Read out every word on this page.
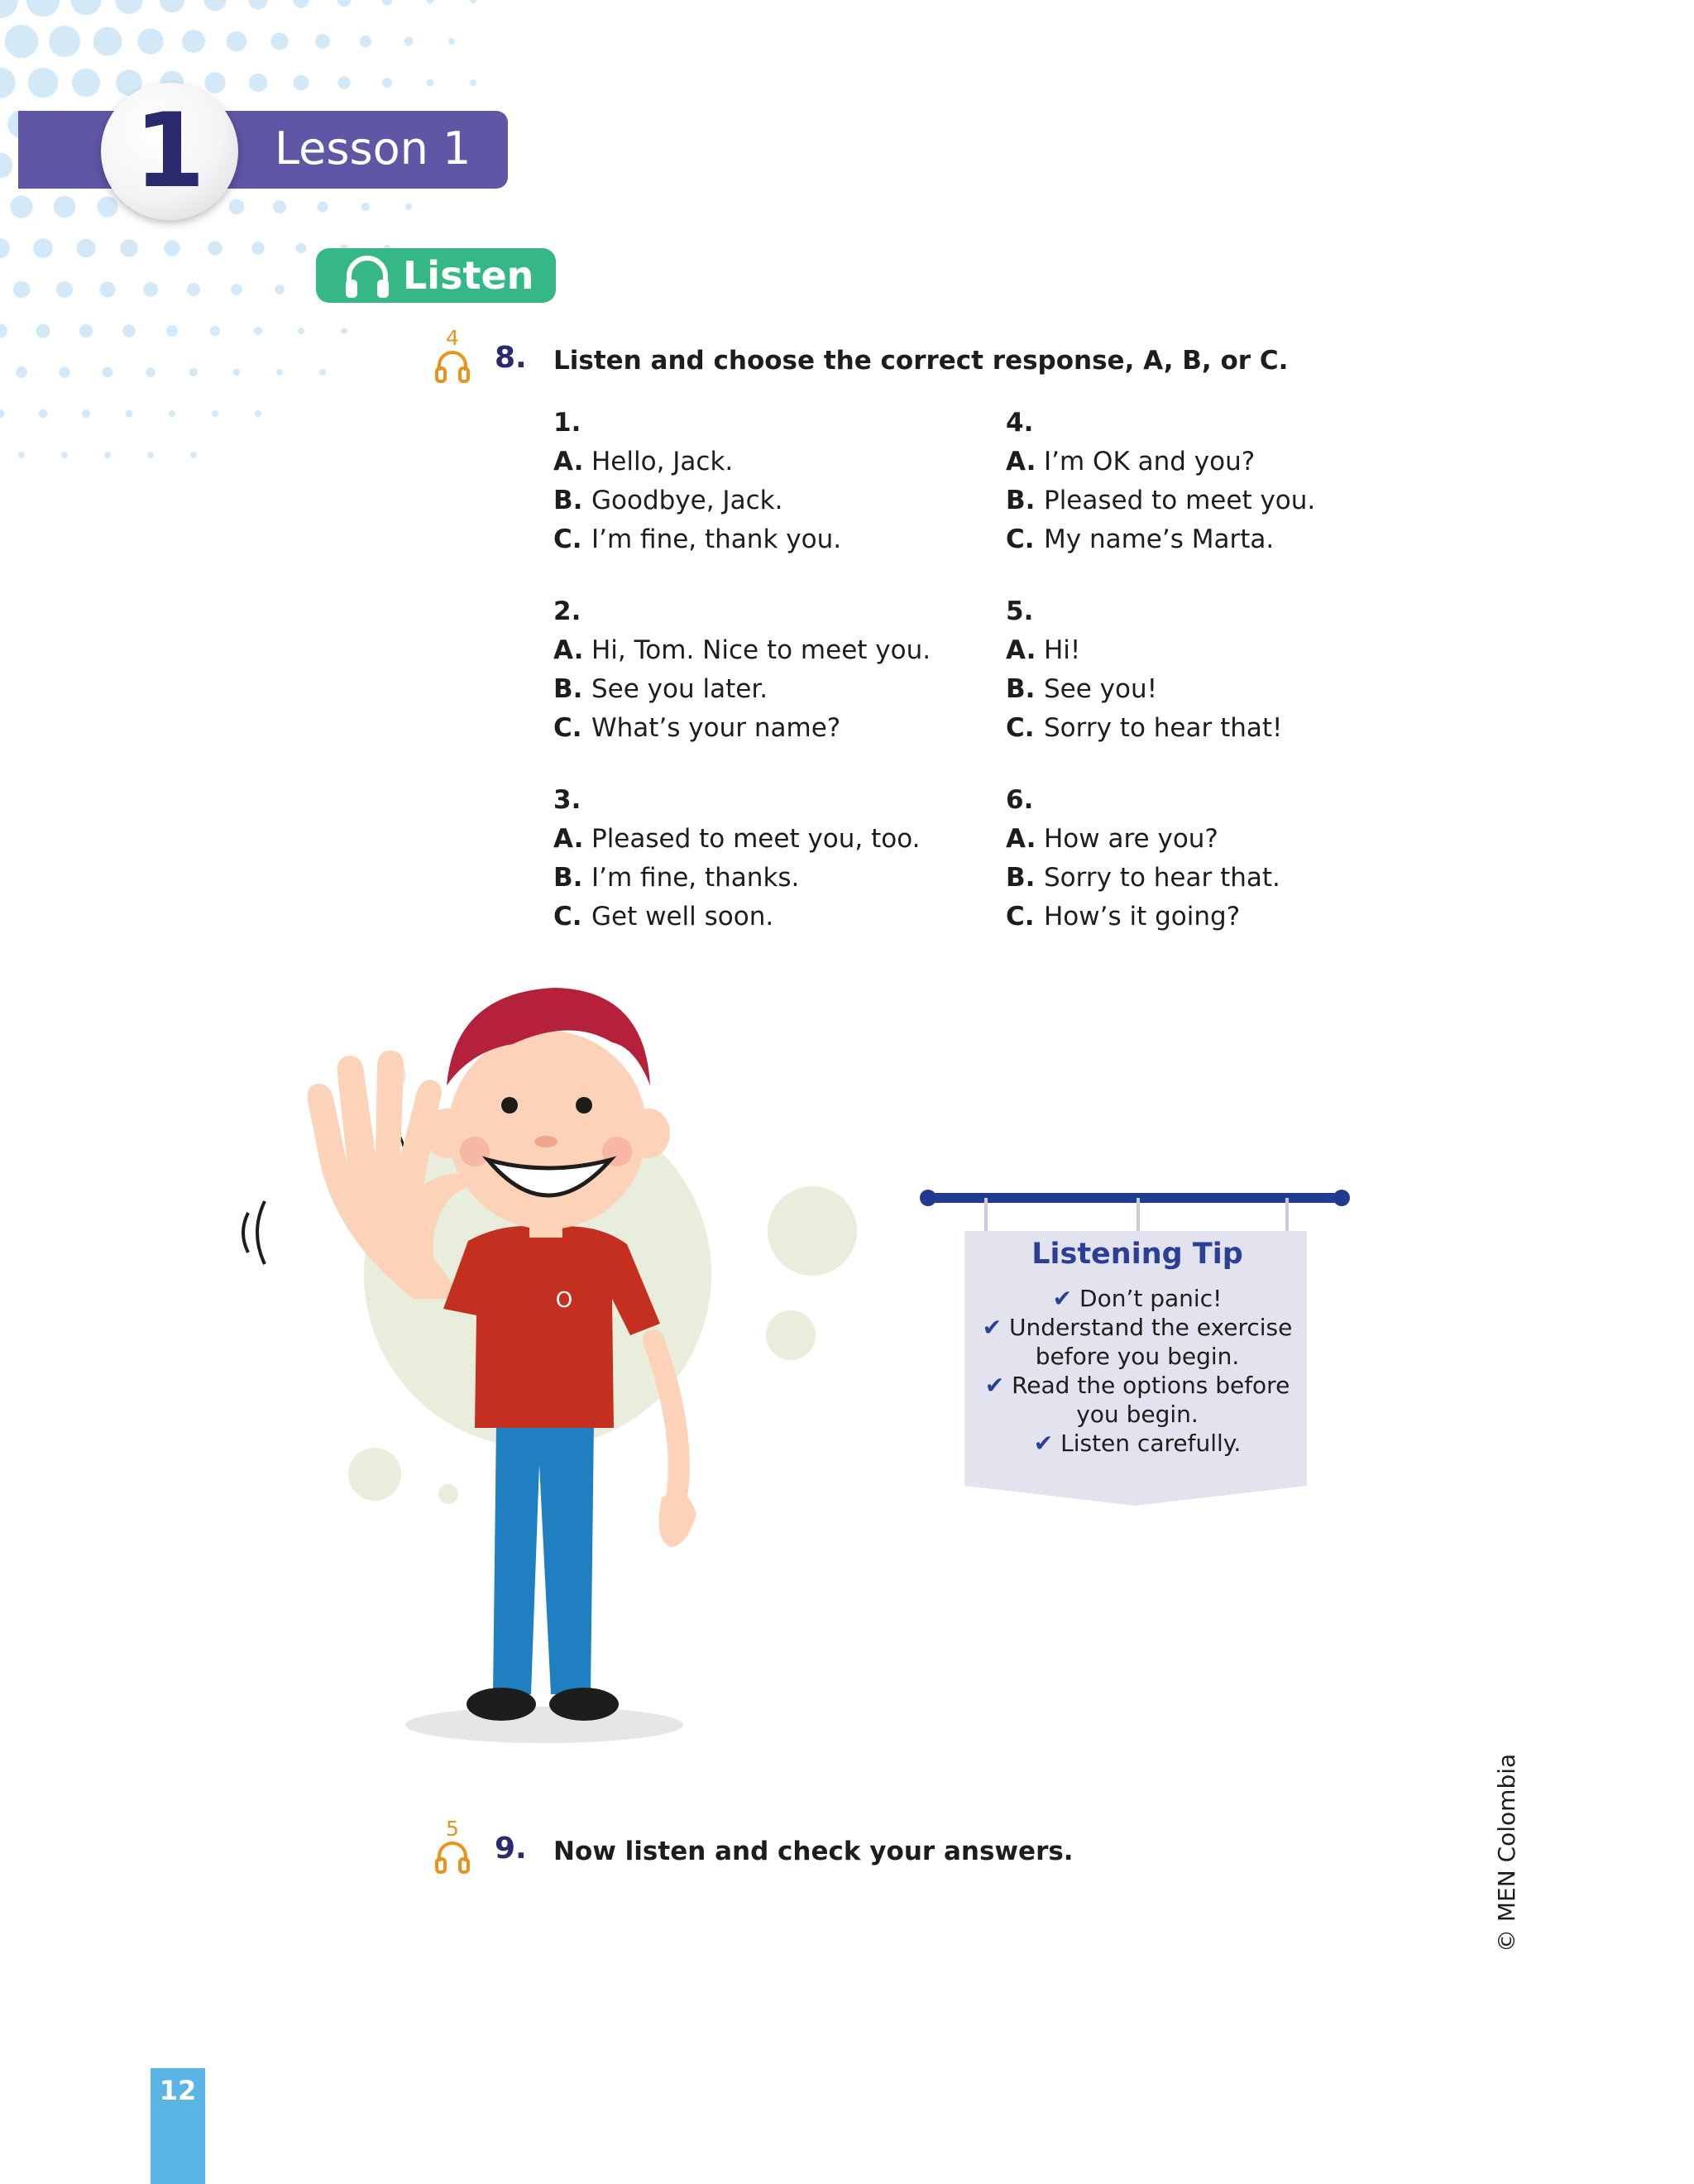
Lesson 1
1
Listen
4
8. Listen and choose the correct response, A, B, or C.
1.
A. Hello, Jack.
B. Goodbye, Jack.
C. I’m fine, thank you.
2.
A. Hi, Tom. Nice to meet you.
B. See you later.
C. What’s your name?
3.
A. Pleased to meet you, too.
B. I’m fine, thanks.
C. Get well soon.
4.
A. I’m OK and you?
B. Pleased to meet you.
C. My name’s Marta.
5.
A. Hi!
B. See you!
C. Sorry to hear that!
6.
A. How are you?
B. Sorry to hear that.
C. How’s it going?
O
Listening Tip
✔ Don’t panic!
✔ Understand the exercise
before you begin.
✔ Read the options before
you begin.
✔ Listen carefully.
5
9. Now listen and check your answers.
12
© MEN Colombia
